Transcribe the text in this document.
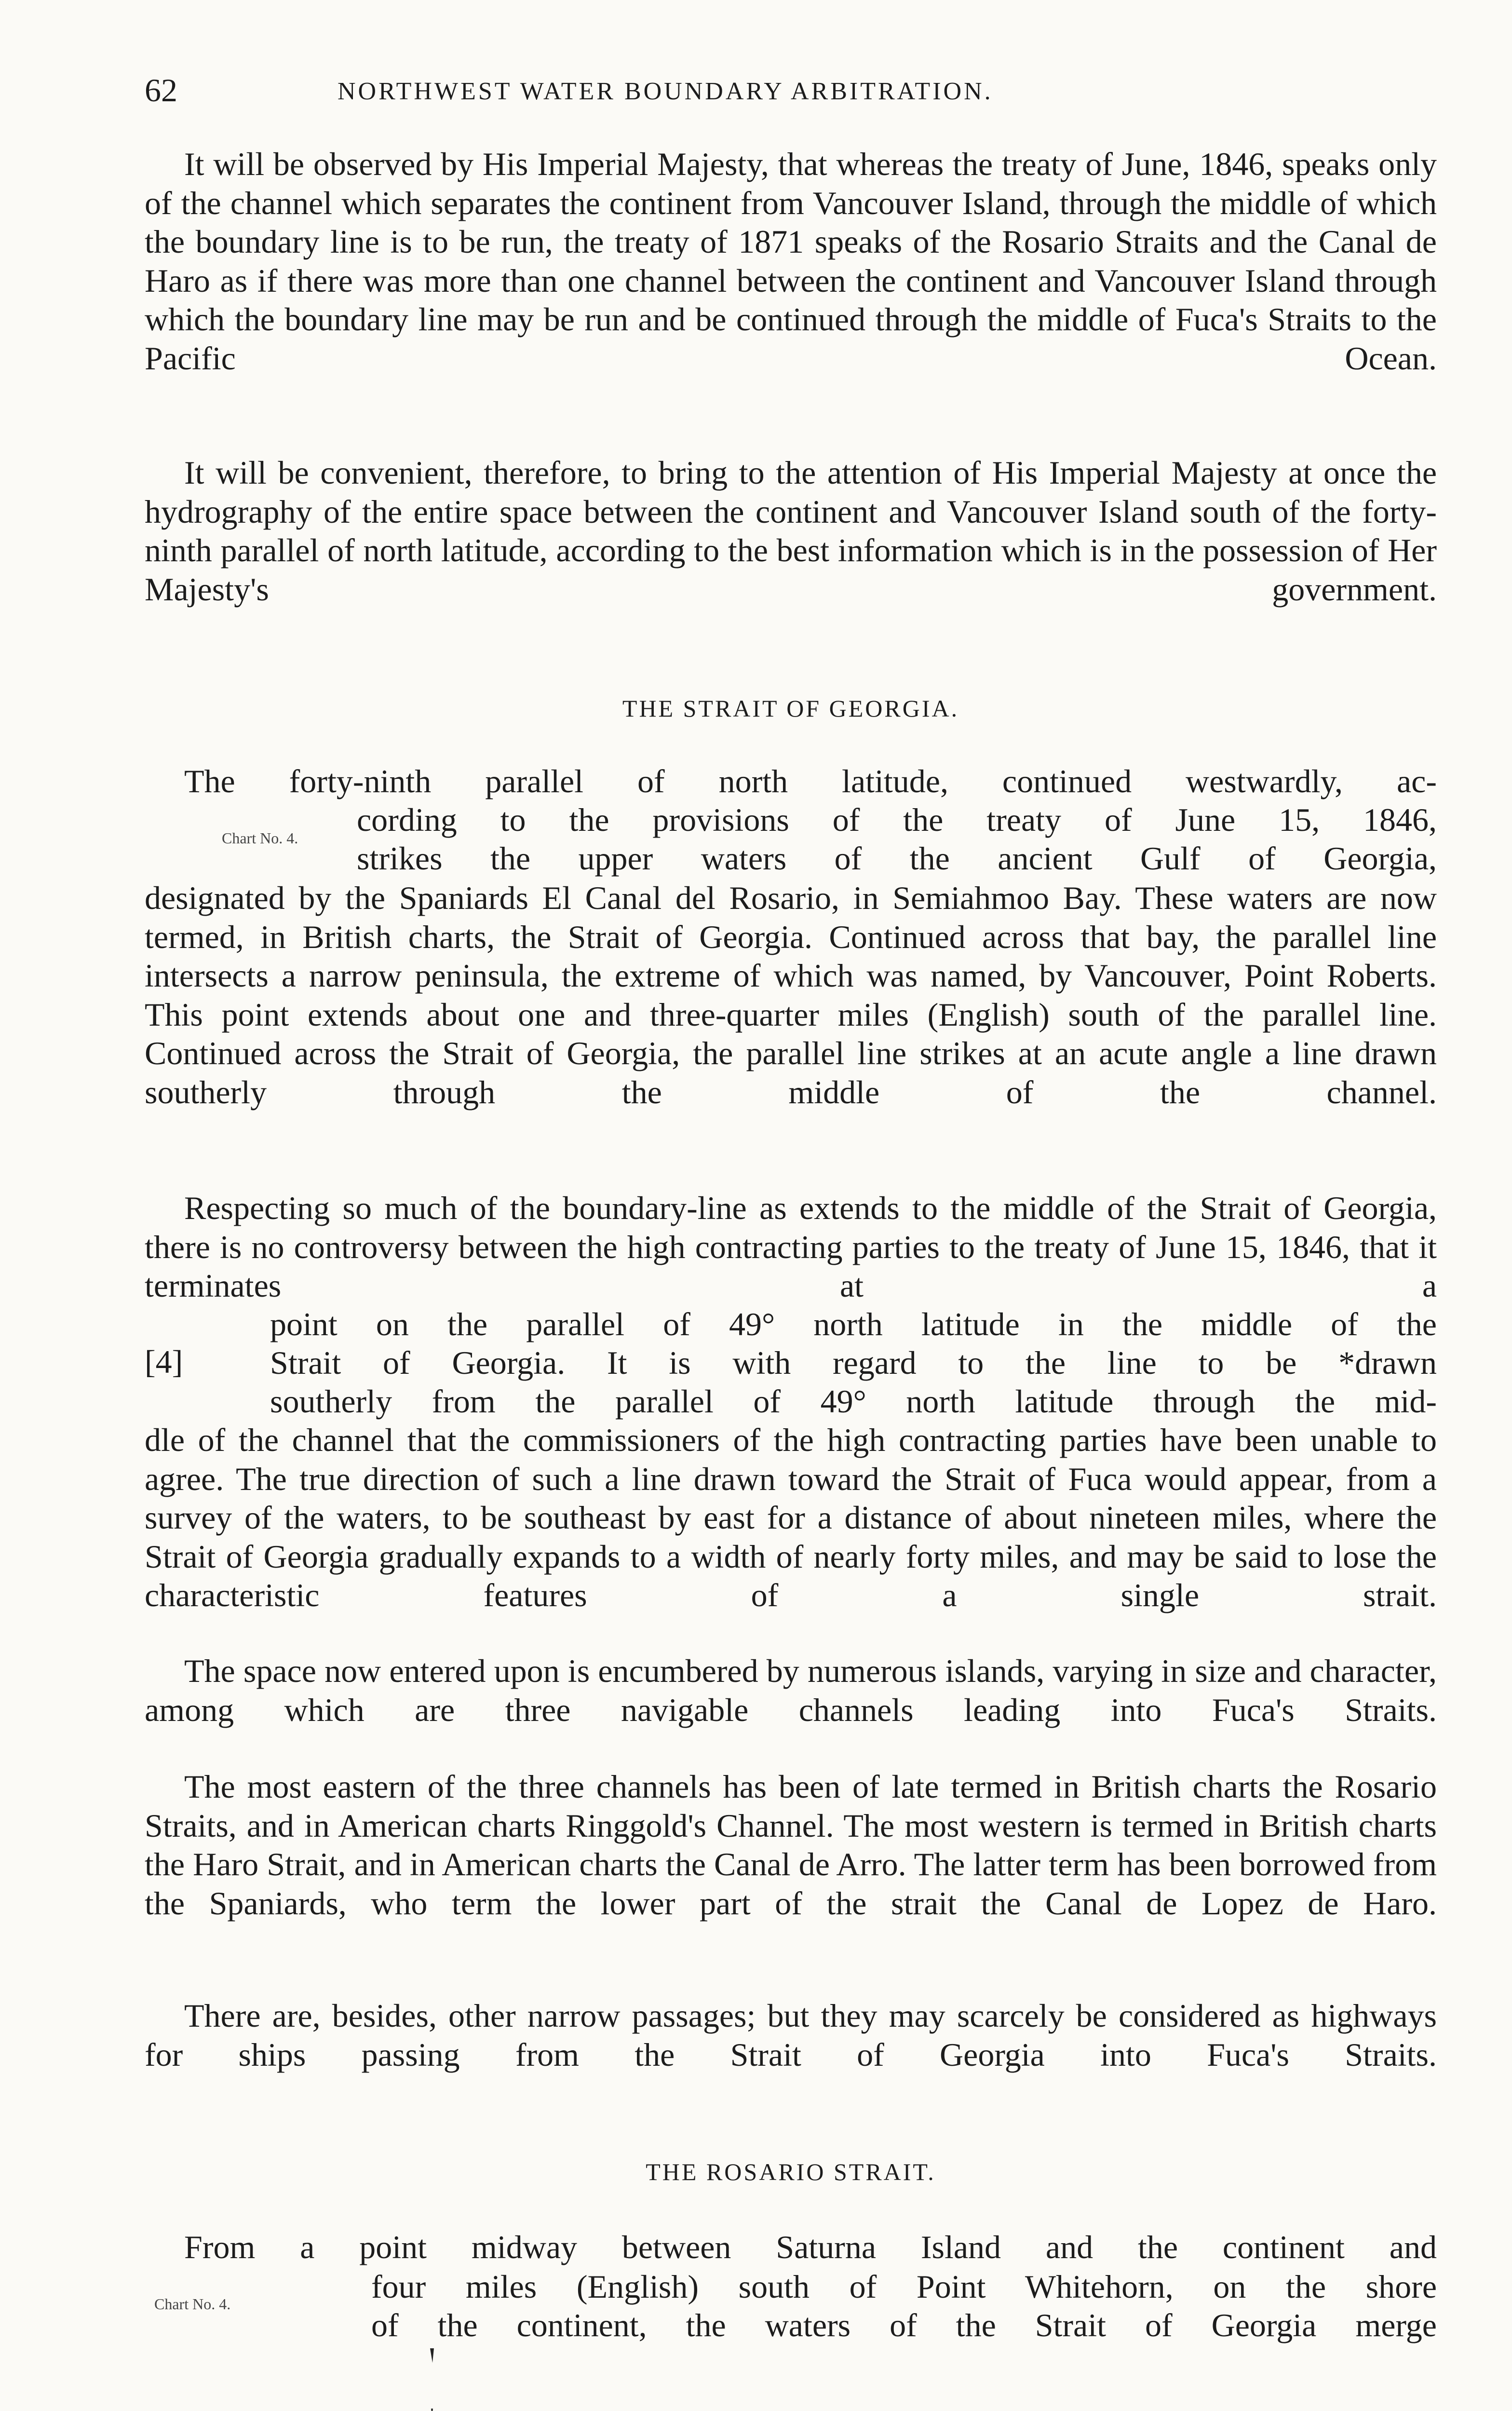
62	NORTHWEST WATER BOUNDARY ARBITRATION.

It will be observed by His Imperial Majesty, that whereas the treaty of June, 1846, speaks only of the channel which separates the continent from Vancouver Island, through the middle of which the boundary line is to be run, the treaty of 1871 speaks of the Rosario Straits and the Canal de Haro as if there was more than one channel between the continent and Vancouver Island through which the boundary line may be run and be continued through the middle of Fuca's Straits to the Pacific Ocean.

It will be convenient, therefore, to bring to the attention of His Imperial Majesty at once the hydrography of the entire space between the continent and Vancouver Island south of the forty-ninth parallel of north latitude, according to the best information which is in the possession of Her Majesty's government.

THE STRAIT OF GEORGIA.

The forty-ninth parallel of north latitude, continued westwardly, ac-

Chart No. 4. cording to the provisions of the treaty of June 15, 1846,

strikes the upper waters of the ancient Gulf of Georgia,

designated by the Spaniards El Canal del Rosario, in Semiahmoo Bay. These waters are now termed, in British charts, the Strait of Georgia. Continued across that bay, the parallel line intersects a narrow peninsula, the extreme of which was named, by Vancouver, Point Roberts. This point extends about one and three-quarter miles (English) south of the parallel line. Continued across the Strait of Georgia, the parallel line strikes at an acute angle a line drawn southerly through the middle of the channel.

Respecting so much of the boundary-line as extends to the middle of the Strait of Georgia, there is no controversy between the high contracting parties to the treaty of June 15, 1846, that it terminates at a

[4]

point on the parallel of 49° north latitude in the middle of the

Strait of Georgia. It is with regard to the line to be *drawn

southerly from the parallel of 49° north latitude through the mid-

dle of the channel that the commissioners of the high contracting parties have been unable to agree. The true direction of such a line drawn toward the Strait of Fuca would appear, from a survey of the waters, to be southeast by east for a distance of about nineteen miles, where the Strait of Georgia gradually expands to a width of nearly forty miles, and may be said to lose the characteristic features of a single strait.

The space now entered upon is encumbered by numerous islands, varying in size and character, among which are three navigable channels leading into Fuca's Straits.

The most eastern of the three channels has been of late termed in British charts the Rosario Straits, and in American charts Ringgold's Channel. The most western is termed in British charts the Haro Strait, and in American charts the Canal de Arro. The latter term has been borrowed from the Spaniards, who term the lower part of the strait the Canal de Lopez de Haro.

There are, besides, other narrow passages; but they may scarcely be considered as highways for ships passing from the Strait of Georgia into Fuca's Straits.

THE ROSARIO STRAIT.

From a point midway between Saturna Island and the continent and

Chart No. 4.	four miles (English) south of Point Whitehorn, on the shore

of the continent, the waters of the Strait of Georgia merge
